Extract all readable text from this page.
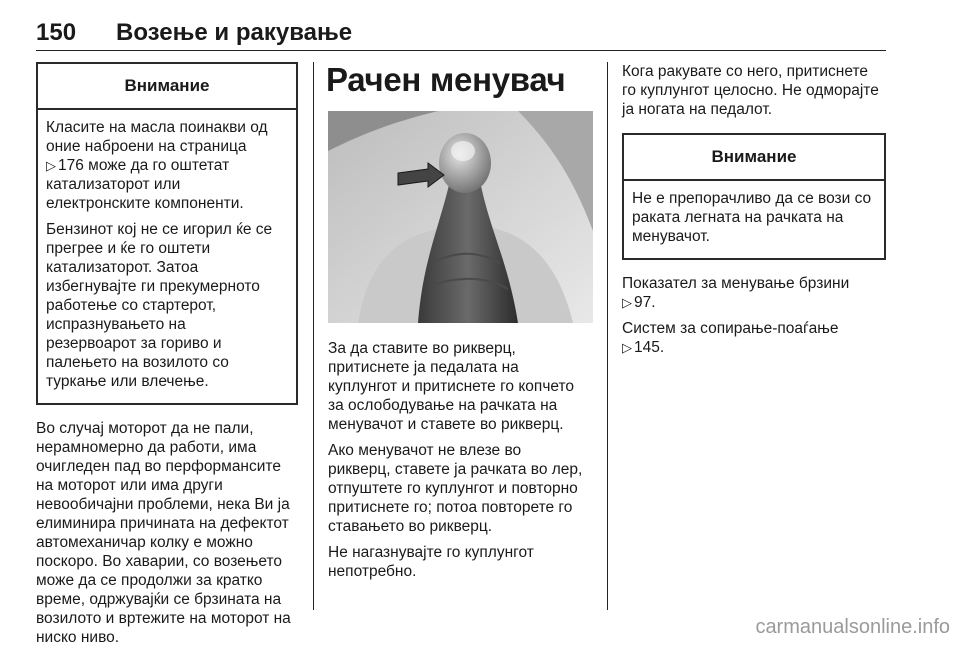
150 Возење и ракување
Внимание

Класите на масла поинакви од
оние наброени на страница
▷ 176 може да го оштетат
катализаторот или
електронските компоненти.

Бензинот кој не се игорил ќе се
прегрее и ќе го оштети
катализаторот. Затоа
избегнувајте ги прекумерното
работење со стартерот,
испразнувањето на
резервоарот за гориво и
палењето на возилото со
туркање или влечење.

Во случај моторот да не пали,
нерамномерно да работи, има
очигледен пад во перформансите
на моторот или има други
невообичајни проблеми, нека Ви ја
елиминира причината на дефектот
автомеханичар колку е можно
поскоро. Во хаварии, со возењето
може да се продолжи за кратко
време, одржувајќи се брзината на
возилото и вртежите на моторот на
ниско ниво.

Рачен менувач

За да ставите во рикверц,
притиснете ја педалата на
куплунгот и притиснете го копчето
за ослободување на рачката на
менувачот и ставете во рикверц.

Ако менувачот не влезе во
рикверц, ставете ја рачката во лер,
отпуштете го куплунгот и повторно
притиснете го; потоа повторете го
ставањето во рикверц.

Не нагазнувајте го куплунгот
непотребно.

Кога ракувате со него, притиснете
го куплунгот целосно. Не одморајте
ја ногата на педалот.

Внимание

Не е препорачливо да се вози со
раката легната на рачката на
менувачот.

Показател за менување брзини
▷ 97.

Систем за сопирање-поаѓање
▷ 145.

carmanualsonline.info
